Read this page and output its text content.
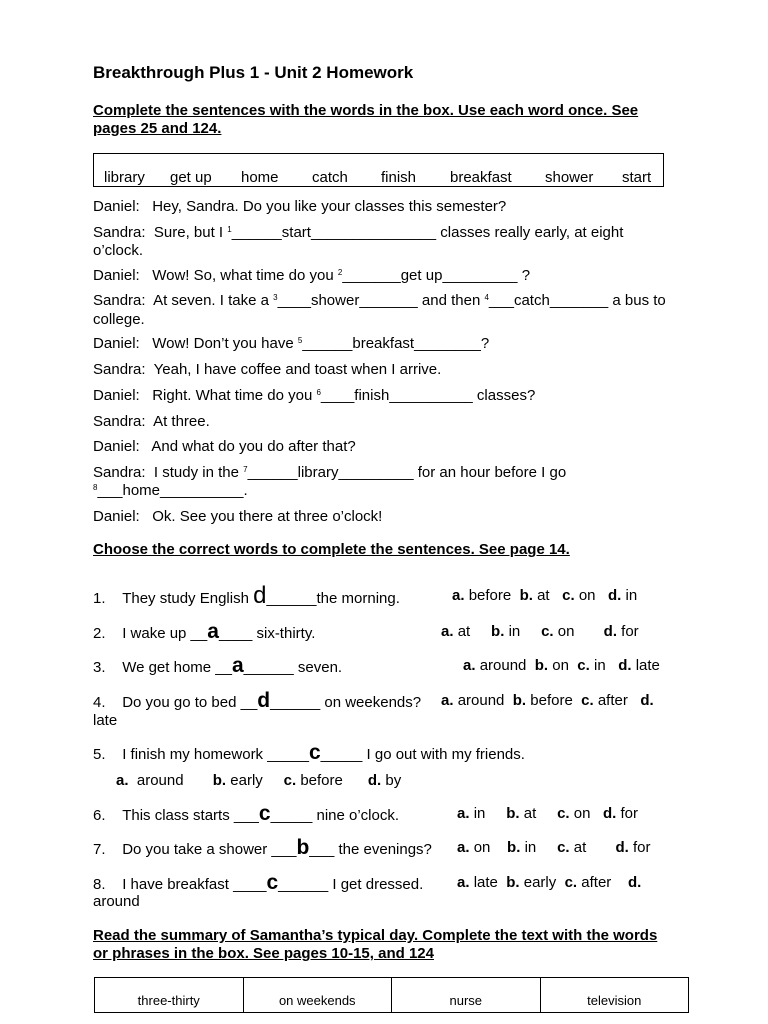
Breakthrough Plus 1 - Unit 2 Homework
Complete the sentences with the words in the box. Use each word once. See
pages 25 and 124.
library get up home catch finish breakfast shower start
Daniel: Hey, Sandra. Do you like your classes this semester?
Sandra: Sure, but I $^1$______start_______________ classes really early, at eight
o’clock.
Daniel: Wow! So, what time do you $^2$_______get up_________ ?
Sandra: At seven. I take a $^3$____shower_______ and then $^4$___catch_______ a bus to
college.
Daniel: Wow! Don’t you have $^5$______breakfast________?
Sandra: Yeah, I have coffee and toast when I arrive.
Daniel: Right. What time do you $^6$____finish__________ classes?
Sandra: At three.
Daniel: And what do you do after that?
Sandra: I study in the $^7$______library_________ for an hour before I go
$^8$___home__________.
Daniel: Ok. See you there at three o’clock!
Choose the correct words to complete the sentences. See page 14.
1. They study English d______the morning.	a. before b. at c. on d. in
2. I wake up __a____ six-thirty.	a. at b. in c. on d. for
3. We get home __a______ seven.	a. around b. on c. in d. late
4. Do you go to bed __d______ on weekends? a. around b. before c. after d.
late
5. I finish my homework _____c_____ I go out with my friends.
a. around b. early c. before d. by
6. This class starts ___c_____ nine o’clock.	a. in b. at c. on d. for
7. Do you take a shower ___b___ the evenings? a. on b. in c. at d. for
8. I have breakfast ____c______ I get dressed. a. late b. early c. after d.
around
Read the summary of Samantha’s typical day. Complete the text with the words
or phrases in the box. See pages 10-15, and 124
three-thirty	on weekends	nurse	television
